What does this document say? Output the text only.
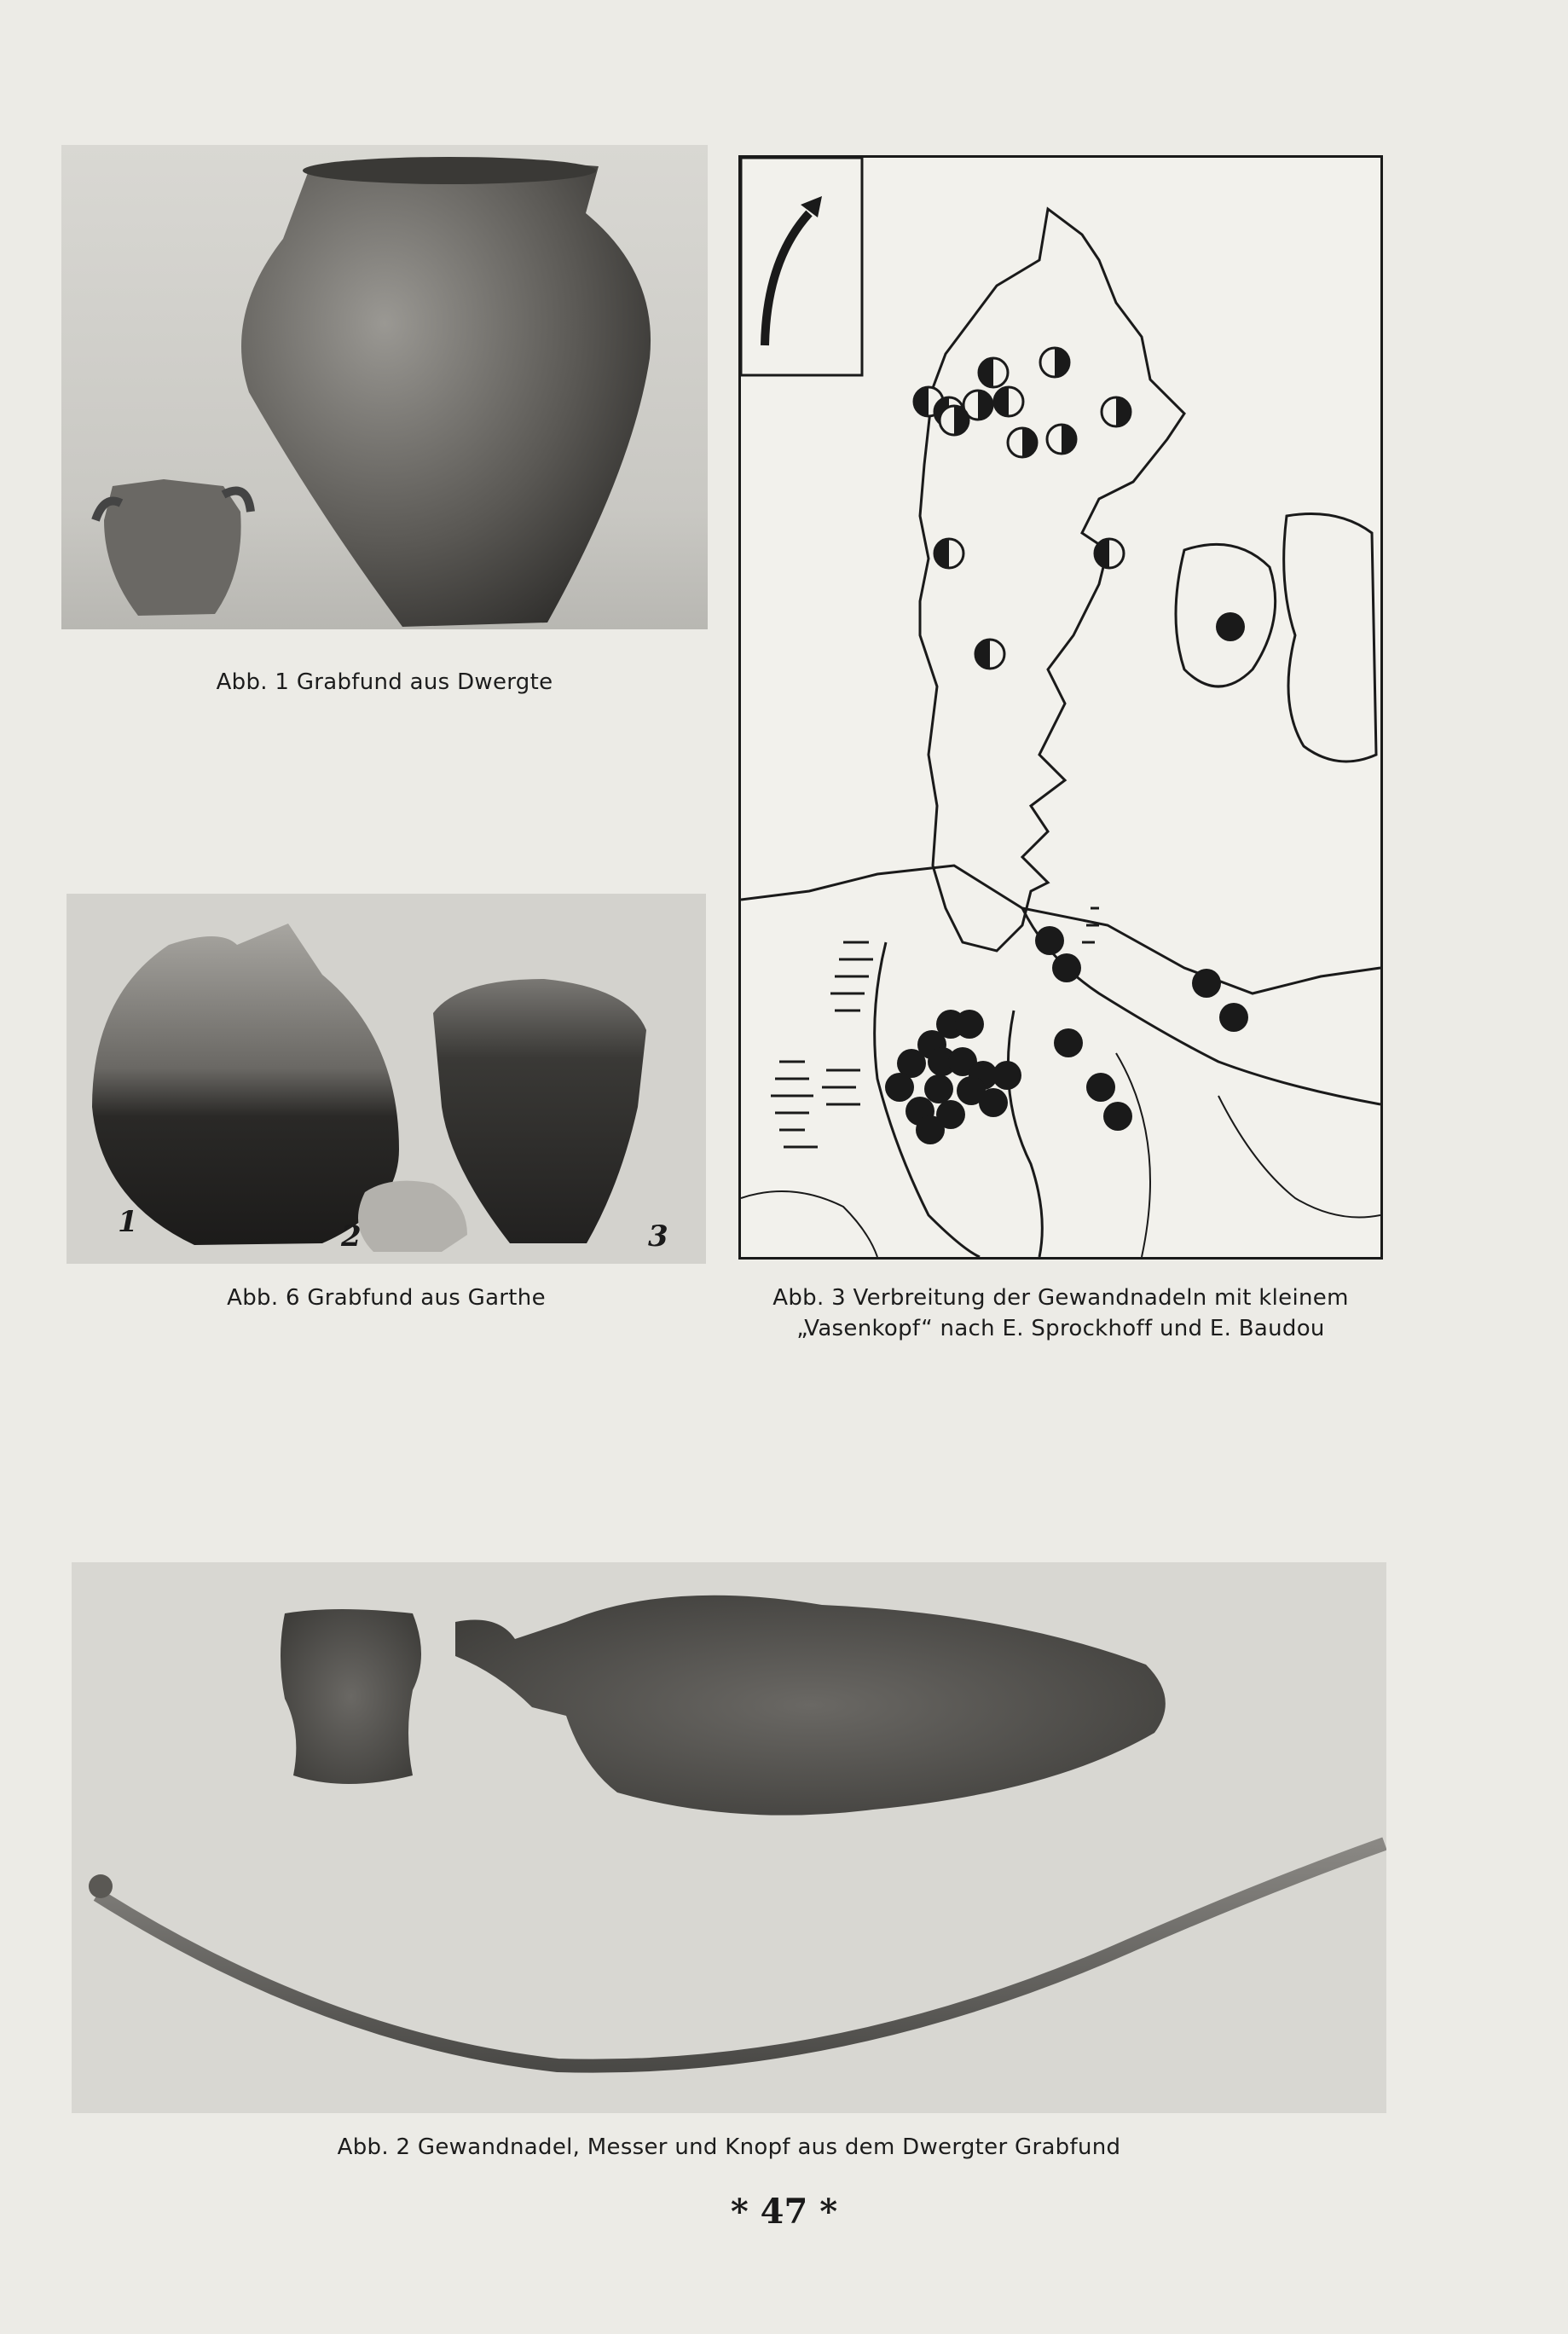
Abb. 1 Grabfund aus Dwergte
Abb. 3 Verbreitung der Gewandnadeln mit kleinem
„Vasenkopf“ nach E. Sprockhoff und E. Baudou
1	2	3
Abb. 6 Grabfund aus Garthe
Abb. 2 Gewandnadel, Messer und Knopf aus dem Dwergter Grabfund
* 47 *
